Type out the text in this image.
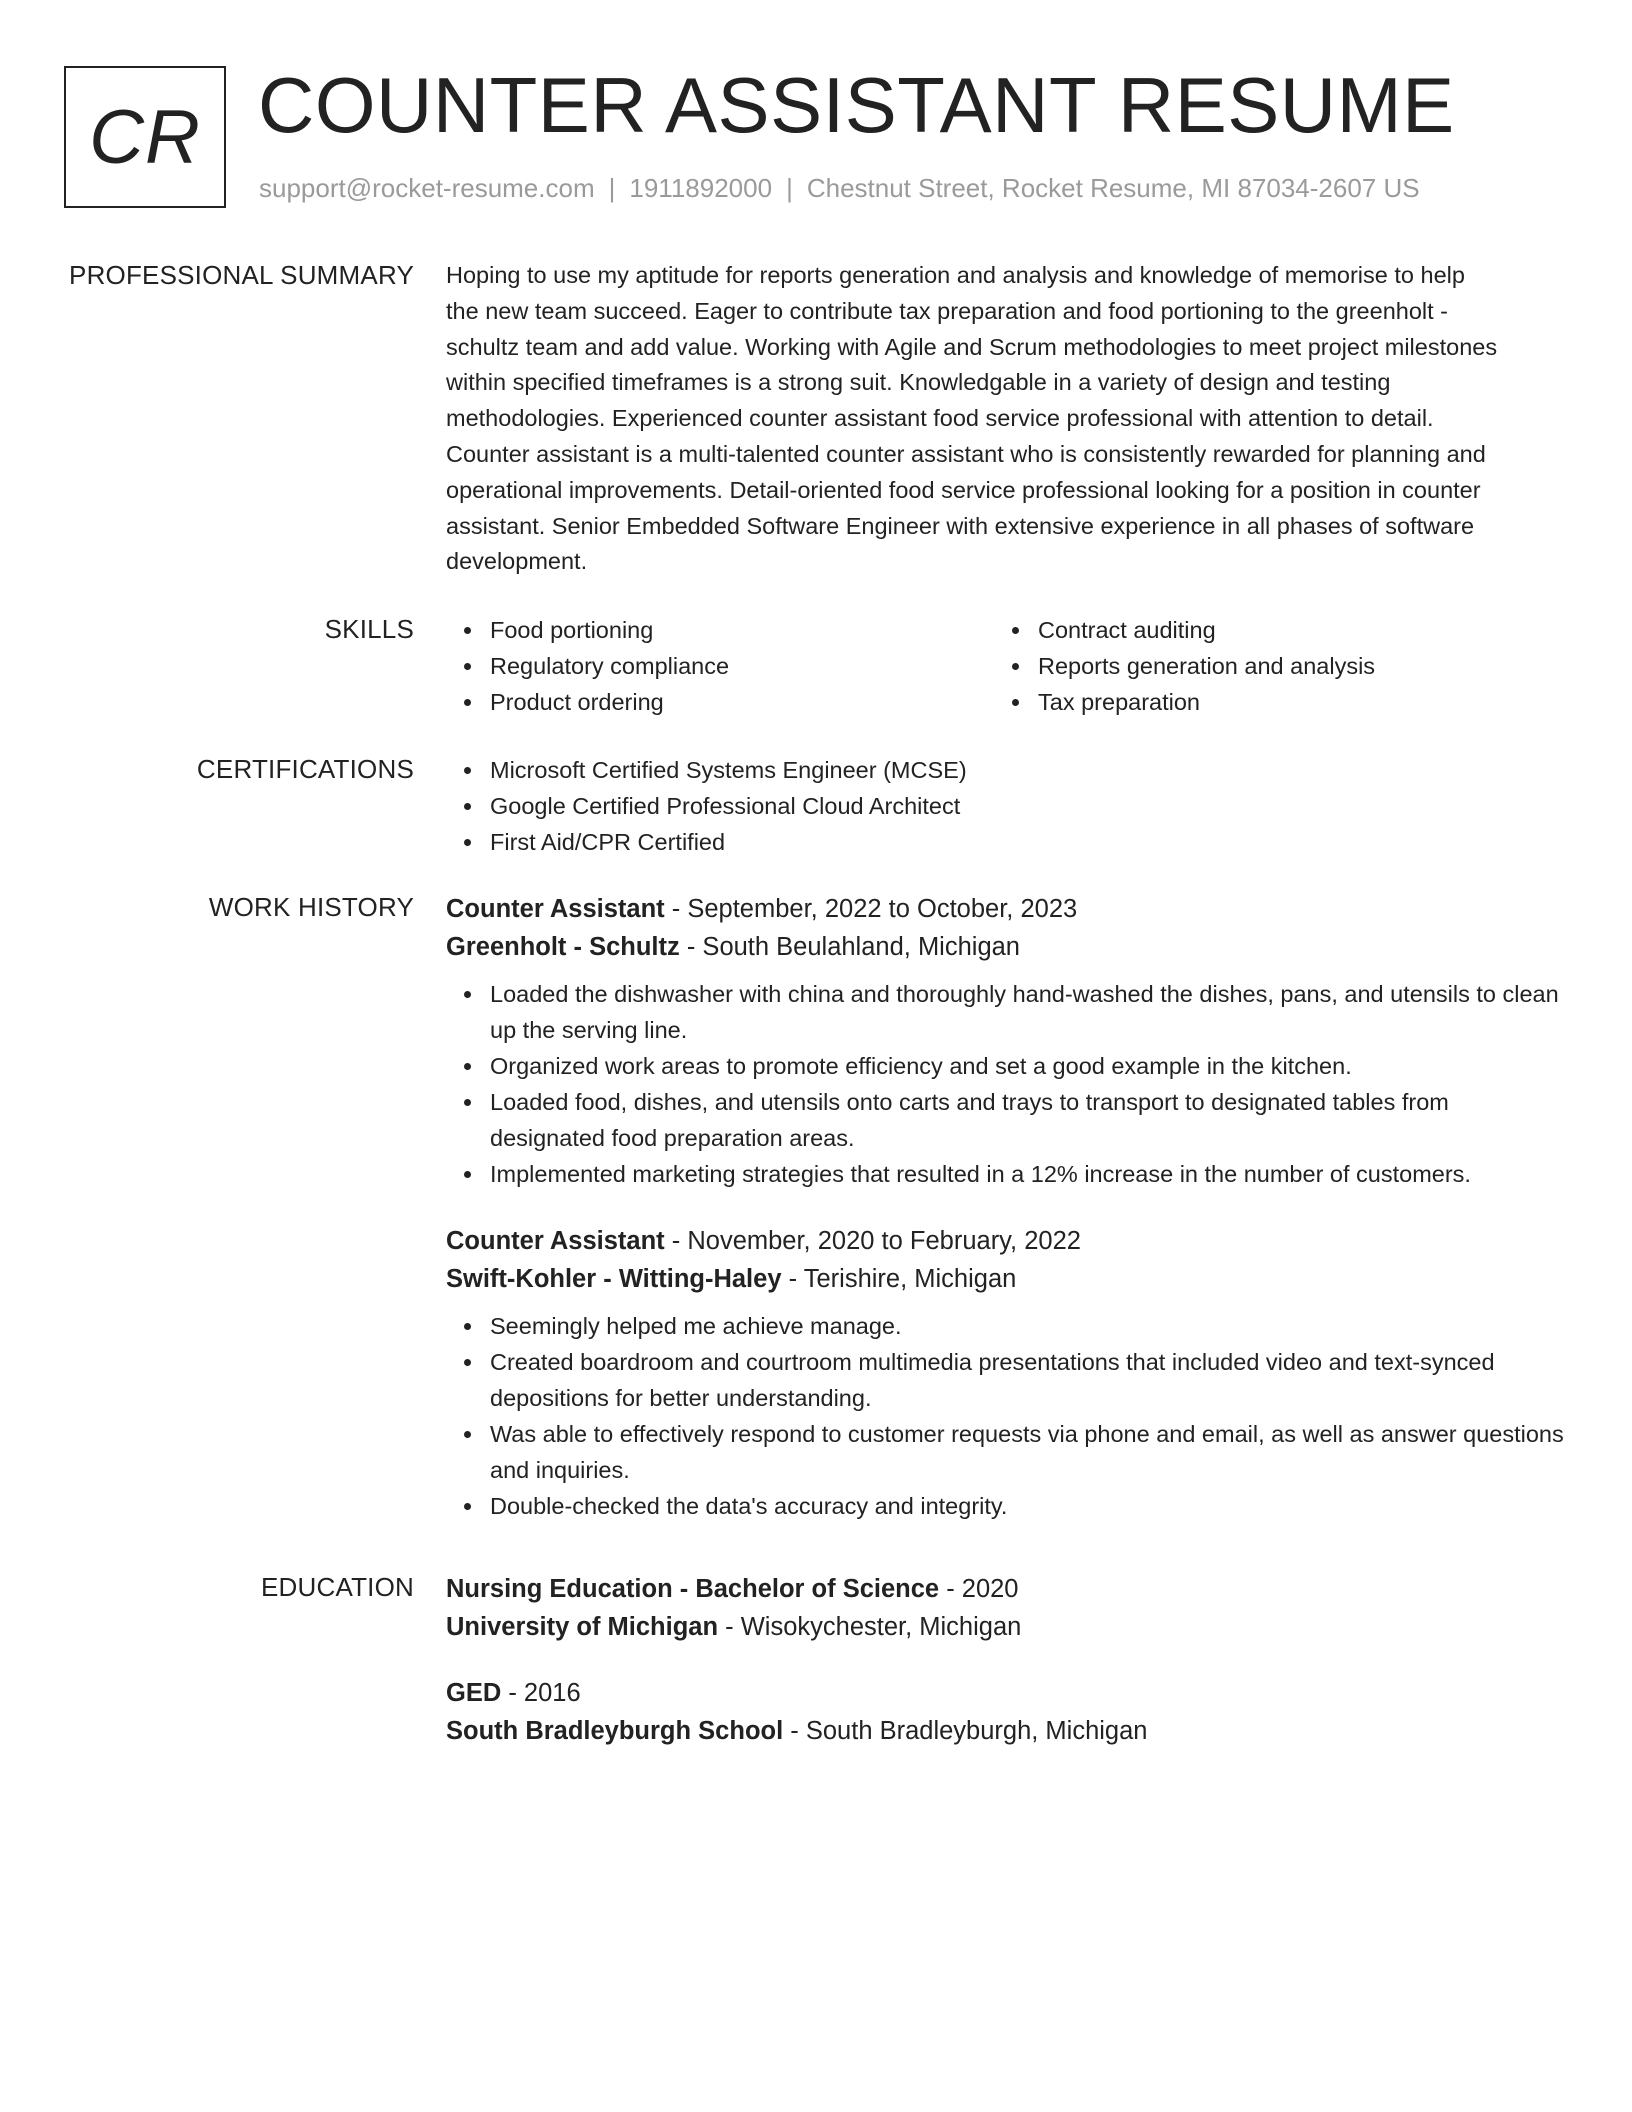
CR COUNTER ASSISTANT RESUME
support@rocket-resume.com | 1911892000 | Chestnut Street, Rocket Resume, MI 87034-2607 US
PROFESSIONAL SUMMARY Hoping to use my aptitude for reports generation and analysis and knowledge of memorise to help
the new team succeed. Eager to contribute tax preparation and food portioning to the greenholt -
schultz team and add value. Working with Agile and Scrum methodologies to meet project milestones
within specified timeframes is a strong suit. Knowledgable in a variety of design and testing
methodologies. Experienced counter assistant food service professional with attention to detail.
Counter assistant is a multi-talented counter assistant who is consistently rewarded for planning and
operational improvements. Detail-oriented food service professional looking for a position in counter
assistant. Senior Embedded Software Engineer with extensive experience in all phases of software
development.
SKILLS	Food portioning
Regulatory compliance
Product ordering
Contract auditing
Reports generation and analysis
Tax preparation
CERTIFICATIONS	Microsoft Certified Systems Engineer (MCSE)
Google Certified Professional Cloud Architect
First Aid/CPR Certified
WORK HISTORY Counter Assistant - September, 2022 to October, 2023
Greenholt - Schultz - South Beulahland, Michigan
Loaded the dishwasher with china and thoroughly hand-washed the dishes, pans, and utensils to clean up the serving line.
Organized work areas to promote efficiency and set a good example in the kitchen.
Loaded food, dishes, and utensils onto carts and trays to transport to designated tables from designated food preparation areas.
Implemented marketing strategies that resulted in a 12% increase in the number of customers.
Counter Assistant - November, 2020 to February, 2022
Swift-Kohler - Witting-Haley - Terishire, Michigan
Seemingly helped me achieve manage.
Created boardroom and courtroom multimedia presentations that included video and text-synced depositions for better understanding.
Was able to effectively respond to customer requests via phone and email, as well as answer questions and inquiries.
Double-checked the data's accuracy and integrity.
EDUCATION Nursing Education - Bachelor of Science - 2020
University of Michigan - Wisokychester, Michigan
GED - 2016
South Bradleyburgh School - South Bradleyburgh, Michigan
